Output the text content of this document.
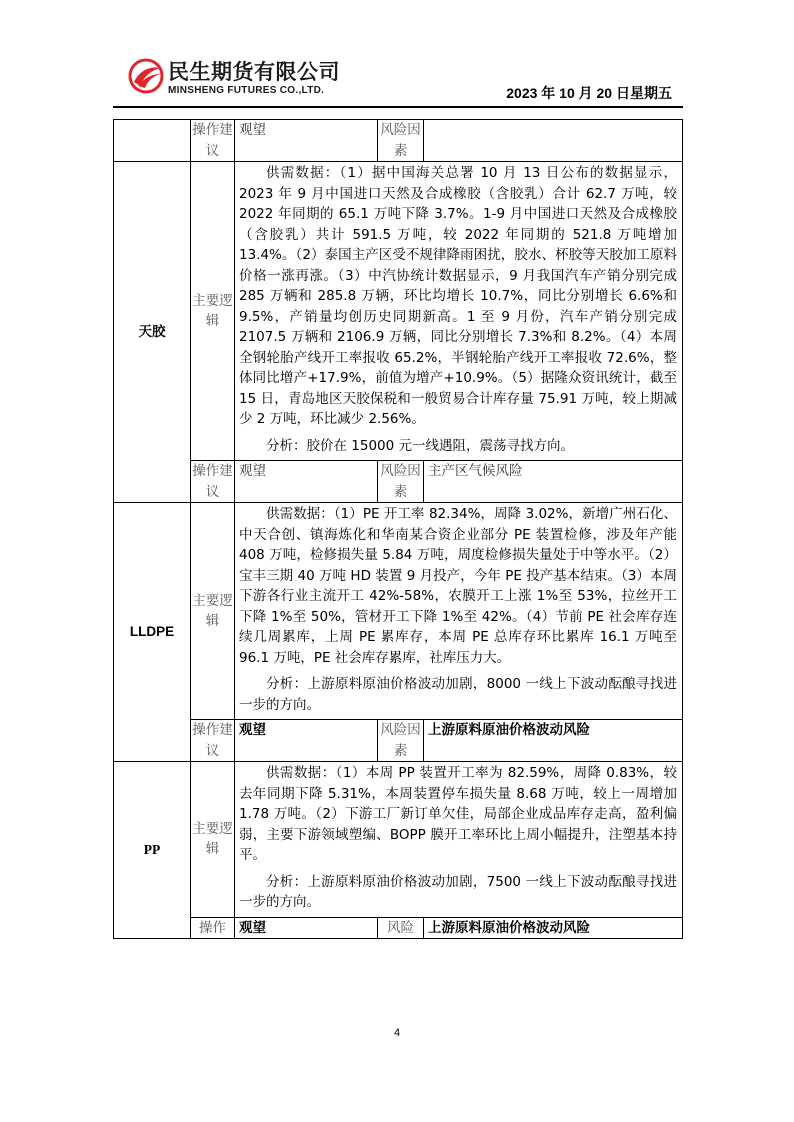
民生期货有限公司
MINSHENG FUTURES CO.,LTD.	2023 年 10 月 20 日星期五
	操作建议	观望	风险因素	
天胶	主要逻辑	供需数据：（1）据中国海关总署 10 月 13 日公布的数据显示，2023 年 9 月中国进口天然及合成橡胶（含胶乳）合计 62.7 万吨，较 2022 年同期的 65.1 万吨下降 3.7%。1-9 月中国进口天然及合成橡胶（含胶乳）共计 591.5 万吨，较 2022 年同期的 521.8 万吨增加 13.4%。（2）泰国主产区受不规律降雨困扰，胶水、杯胶等天胶加工原料价格一涨再涨。（3）中汽协统计数据显示，9 月我国汽车产销分别完成 285 万辆和 285.8 万辆，环比均增长 10.7%，同比分别增长 6.6%和 9.5%，产销量均创历史同期新高。1 至 9 月份，汽车产销分别完成 2107.5 万辆和 2106.9 万辆，同比分别增长 7.3%和 8.2%。（4）本周全钢轮胎产线开工率报收 65.2%，半钢轮胎产线开工率报收 72.6%，整体同比增产+17.9%，前值为增产+10.9%。（5）据隆众资讯统计，截至 15 日，青岛地区天胶保税和一般贸易合计库存量 75.91 万吨，较上期减少 2 万吨，环比减少 2.56%。

分析：胶价在 15000 元一线遇阻，震荡寻找方向。		

	操作建议	观望	风险因素	主产区气候风险
LLDPE	主要逻辑	供需数据：（1）PE 开工率 82.34%，周降 3.02%，新增广州石化、中天合创、镇海炼化和华南某合资企业部分 PE 装置检修，涉及年产能 408 万吨，检修损失量 5.84 万吨，周度检修损失量处于中等水平。（2）宝丰三期 40 万吨 HD 装置 9 月投产，今年 PE 投产基本结束。（3）本周下游各行业主流开工 42%-58%，农膜开工上涨 1%至 53%，拉丝开工下降 1%至 50%，管材开工下降 1%至 42%。（4）节前 PE 社会库存连续几周累库，上周 PE 累库存，本周 PE 总库存环比累库 16.1 万吨至 96.1 万吨，PE 社会库存累库，社库压力大。

分析：上游原料原油价格波动加剧，8000 一线上下波动酝酿寻找进一步的方向。		

	操作建议	观望	风险因素	上游原料原油价格波动风险
PP	主要逻辑	供需数据：（1）本周 PP 装置开工率为 82.59%，周降 0.83%，较去年同期下降 5.31%，本周装置停车损失量 8.68 万吨，较上一周增加 1.78 万吨。（2）下游工厂新订单欠佳，局部企业成品库存走高，盈利偏弱，主要下游领域塑编、BOPP 膜开工率环比上周小幅提升，注塑基本持平。

分析：上游原料原油价格波动加剧，7500 一线上下波动酝酿寻找进一步的方向。		

	操作	观望	风险	上游原料原油价格波动风险
4
